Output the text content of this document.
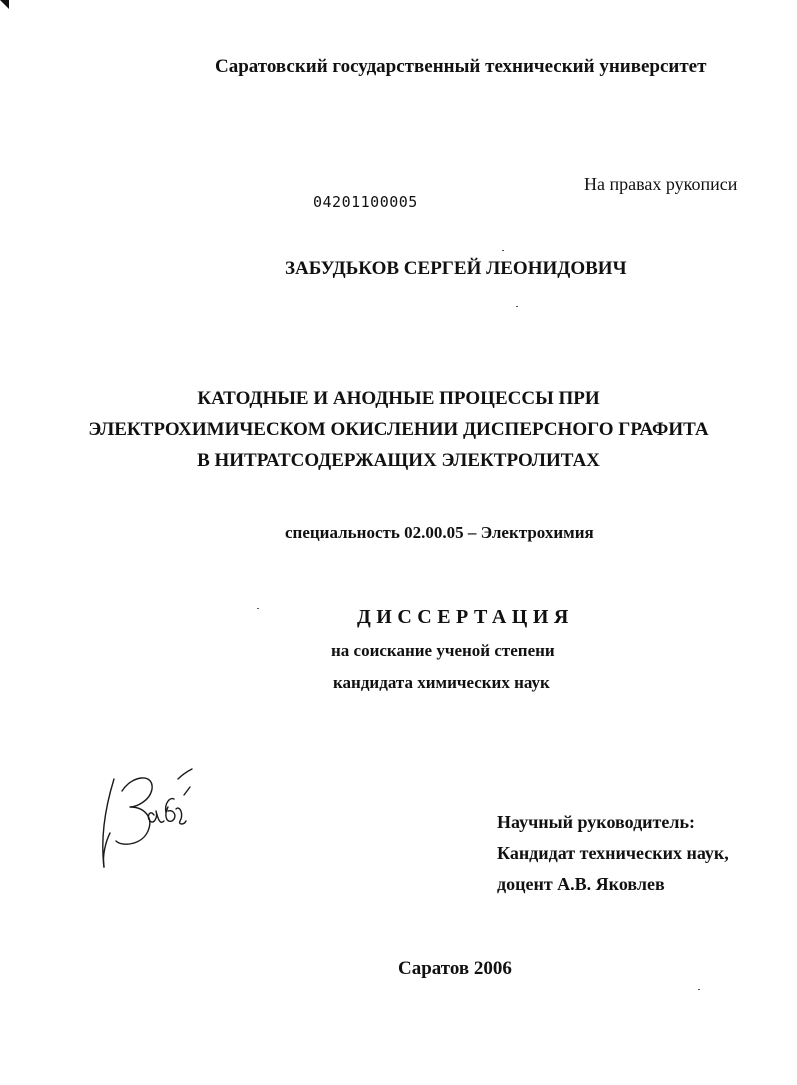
Саратовский государственный технический университет
На правах рукописи
04201100005
ЗАБУДЬКОВ СЕРГЕЙ ЛЕОНИДОВИЧ
КАТОДНЫЕ И АНОДНЫЕ ПРОЦЕССЫ ПРИ
ЭЛЕКТРОХИМИЧЕСКОМ ОКИСЛЕНИИ ДИСПЕРСНОГО ГРАФИТА
В НИТРАТСОДЕРЖАЩИХ ЭЛЕКТРОЛИТАХ
специальность 02.00.05 – Электрохимия
ДИССЕРТАЦИЯ
на соискание ученой степени
кандидата химических наук
Научный руководитель:
Кандидат технических наук,
доцент А.В. Яковлев
Саратов 2006
